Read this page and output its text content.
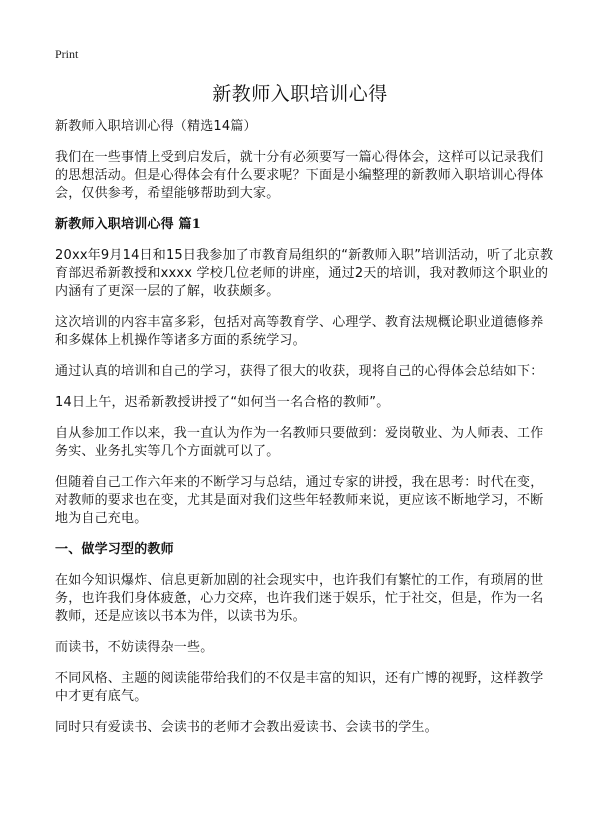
Print
新教师入职培训心得

新教师入职培训心得（精选14篇）

我们在一些事情上受到启发后，就十分有必须要写一篇心得体会，这样可以记录我们的思想活动。但是心得体会有什么要求呢？下面是小编整理的新教师入职培训心得体会，仅供参考，希望能够帮助到大家。

新教师入职培训心得 篇1

20xx年9月14日和15日我参加了市教育局组织的“新教师入职”培训活动，听了北京教育部迟希新教授和xxxx 学校几位老师的讲座，通过2天的培训，我对教师这个职业的内涵有了更深一层的了解，收获颇多。

这次培训的内容丰富多彩，包括对高等教育学、心理学、教育法规概论职业道德修养和多媒体上机操作等诸多方面的系统学习。

通过认真的培训和自己的学习，获得了很大的收获，现将自己的心得体会总结如下：

14日上午，迟希新教授讲授了“如何当一名合格的教师”。

自从参加工作以来，我一直认为作为一名教师只要做到：爱岗敬业、为人师表、工作务实、业务扎实等几个方面就可以了。

但随着自己工作六年来的不断学习与总结，通过专家的讲授，我在思考：时代在变，对教师的要求也在变，尤其是面对我们这些年轻教师来说，更应该不断地学习，不断地为自己充电。

一、做学习型的教师

在如今知识爆炸、信息更新加剧的社会现实中，也许我们有繁忙的工作，有琐屑的世务，也许我们身体疲惫，心力交瘁，也许我们迷于娱乐，忙于社交，但是，作为一名教师，还是应该以书本为伴，以读书为乐。

而读书，不妨读得杂一些。

不同风格、主题的阅读能带给我们的不仅是丰富的知识，还有广博的视野，这样教学中才更有底气。

同时只有爱读书、会读书的老师才会教出爱读书、会读书的学生。
